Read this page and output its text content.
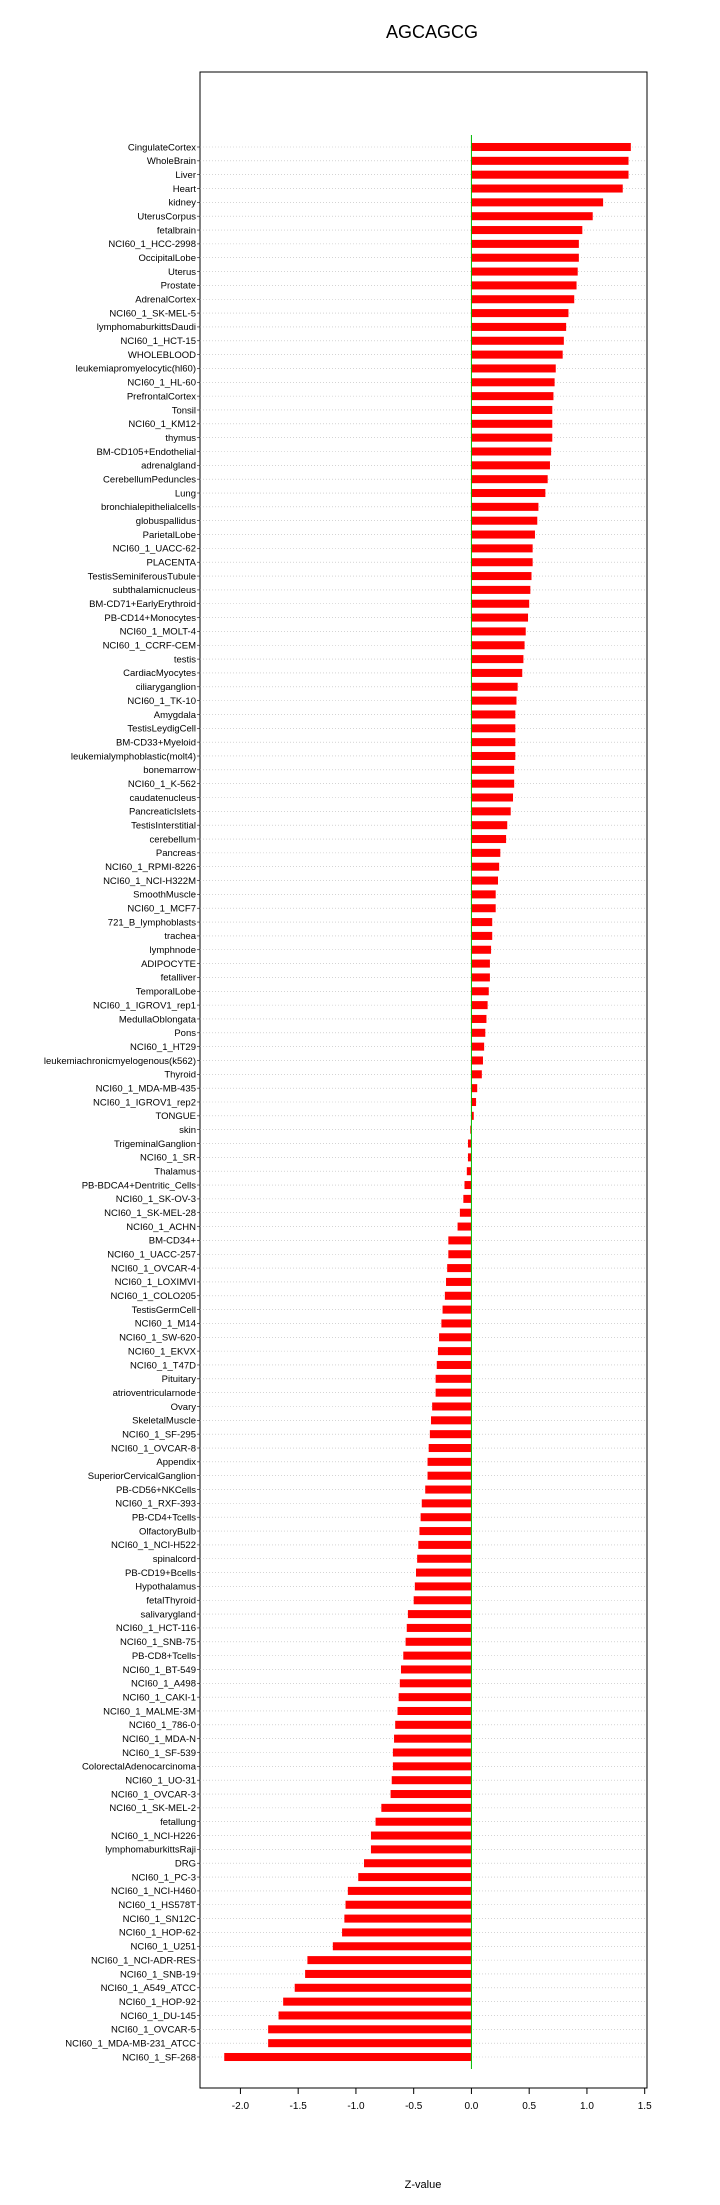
AGCAGCG
CingulateCortex
WholeBrain
Liver
Heart
kidney
UterusCorpus
fetalbrain
NCI60_1_HCC-2998
OccipitalLobe
Uterus
Prostate
AdrenalCortex
NCI60_1_SK-MEL-5
lymphomaburkittsDaudi
NCI60_1_HCT-15
WHOLEBLOOD
leukemiapromyelocytic(hl60)
NCI60_1_HL-60
PrefrontalCortex
Tonsil
NCI60_1_KM12
thymus
BM-CD105+Endothelial
adrenalgland
CerebellumPeduncles
Lung
bronchialepithelialcells
globuspallidus
ParietalLobe
NCI60_1_UACC-62
PLACENTA
TestisSeminiferousTubule
subthalamicnucleus
BM-CD71+EarlyErythroid
PB-CD14+Monocytes
NCI60_1_MOLT-4
NCI60_1_CCRF-CEM
testis
CardiacMyocytes
ciliaryganglion
NCI60_1_TK-10
Amygdala
TestisLeydigCell
BM-CD33+Myeloid
leukemialymphoblastic(molt4)
bonemarrow
NCI60_1_K-562
caudatenucleus
PancreaticIslets
TestisInterstitial
cerebellum
Pancreas
NCI60_1_RPMI-8226
NCI60_1_NCI-H322M
SmoothMuscle
NCI60_1_MCF7
721_B_lymphoblasts
trachea
lymphnode
ADIPOCYTE
fetalliver
TemporalLobe
NCI60_1_IGROV1_rep1
MedullaOblongata
Pons
NCI60_1_HT29
leukemiachronicmyelogenous(k562)
Thyroid
NCI60_1_MDA-MB-435
NCI60_1_IGROV1_rep2
TONGUE
skin
TrigeminalGanglion
NCI60_1_SR
Thalamus
PB-BDCA4+Dentritic_Cells
NCI60_1_SK-OV-3
NCI60_1_SK-MEL-28
NCI60_1_ACHN
BM-CD34+
NCI60_1_UACC-257
NCI60_1_OVCAR-4
NCI60_1_LOXIMVI
NCI60_1_COLO205
TestisGermCell
NCI60_1_M14
NCI60_1_SW-620
NCI60_1_EKVX
NCI60_1_T47D
Pituitary
atrioventricularnode
Ovary
SkeletalMuscle
NCI60_1_SF-295
NCI60_1_OVCAR-8
Appendix
SuperiorCervicalGanglion
PB-CD56+NKCells
NCI60_1_RXF-393
PB-CD4+Tcells
OlfactoryBulb
NCI60_1_NCI-H522
spinalcord
PB-CD19+Bcells
Hypothalamus
fetalThyroid
salivarygland
NCI60_1_HCT-116
NCI60_1_SNB-75
PB-CD8+Tcells
NCI60_1_BT-549
NCI60_1_A498
NCI60_1_CAKI-1
NCI60_1_MALME-3M
NCI60_1_786-0
NCI60_1_MDA-N
NCI60_1_SF-539
ColorectalAdenocarcinoma
NCI60_1_UO-31
NCI60_1_OVCAR-3
NCI60_1_SK-MEL-2
fetallung
NCI60_1_NCI-H226
lymphomaburkittsRaji
DRG
NCI60_1_PC-3
NCI60_1_NCI-H460
NCI60_1_HS578T
NCI60_1_SN12C
NCI60_1_HOP-62
NCI60_1_U251
NCI60_1_NCI-ADR-RES
NCI60_1_SNB-19
NCI60_1_A549_ATCC
NCI60_1_HOP-92
NCI60_1_DU-145
NCI60_1_OVCAR-5
NCI60_1_MDA-MB-231_ATCC
NCI60_1_SF-268
-2.0	-1.5	-1.0	-0.5	0.0	0.5	1.0	1.5
Z-value
